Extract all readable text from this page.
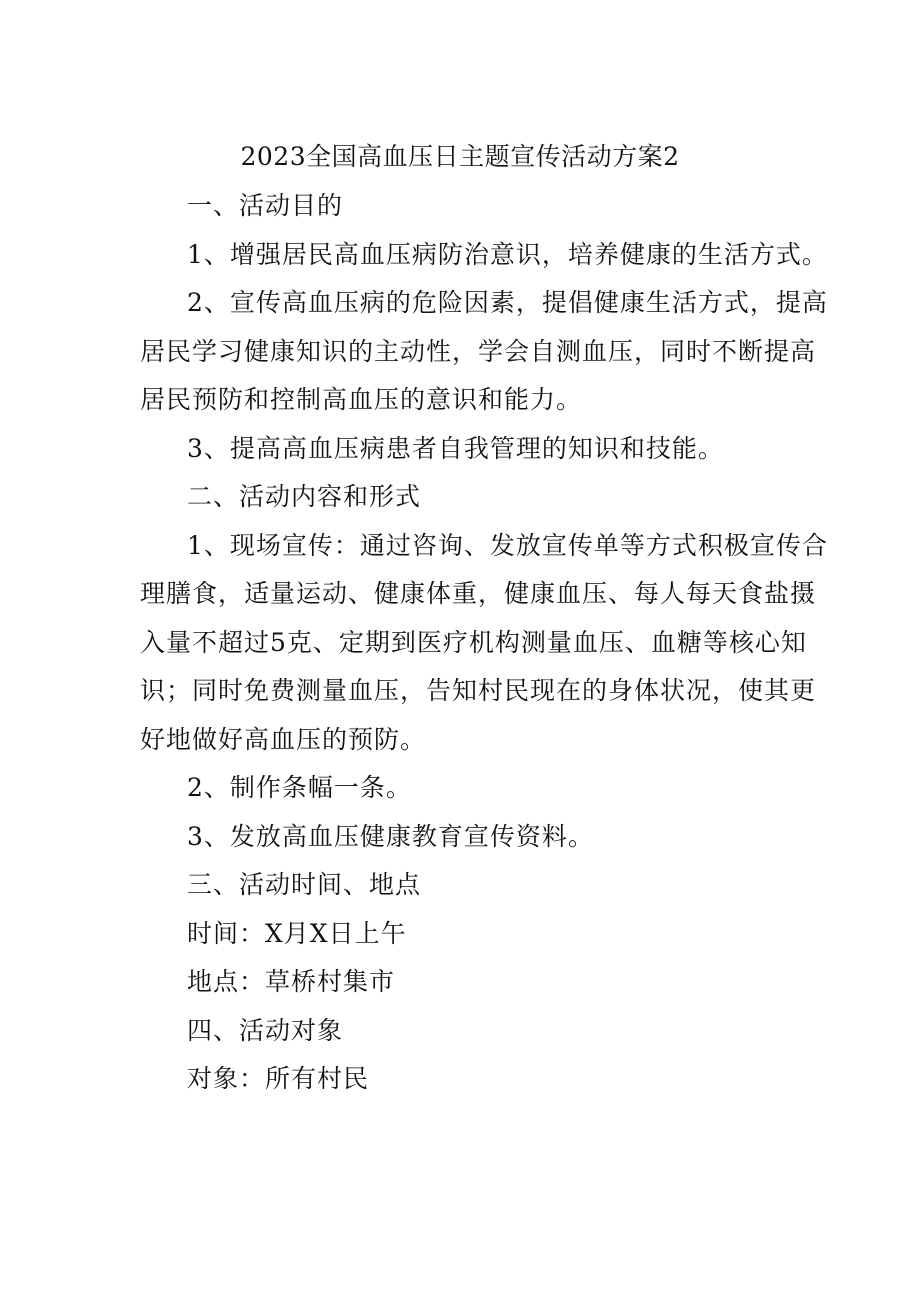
2023全国高血压日主题宣传活动方案2
一、活动目的
1、增强居民高血压病防治意识，培养健康的生活方式。
2、宣传高血压病的危险因素，提倡健康生活方式，提高
居民学习健康知识的主动性，学会自测血压，同时不断提高
居民预防和控制高血压的意识和能力。
3、提高高血压病患者自我管理的知识和技能。
二、活动内容和形式
1、现场宣传：通过咨询、发放宣传单等方式积极宣传合
理膳食，适量运动、健康体重，健康血压、每人每天食盐摄
入量不超过5克、定期到医疗机构测量血压、血糖等核心知
识；同时免费测量血压，告知村民现在的身体状况，使其更
好地做好高血压的预防。
2、制作条幅一条。
3、发放高血压健康教育宣传资料。
三、活动时间、地点
时间：X月X日上午
地点：草桥村集市
四、活动对象
对象：所有村民
